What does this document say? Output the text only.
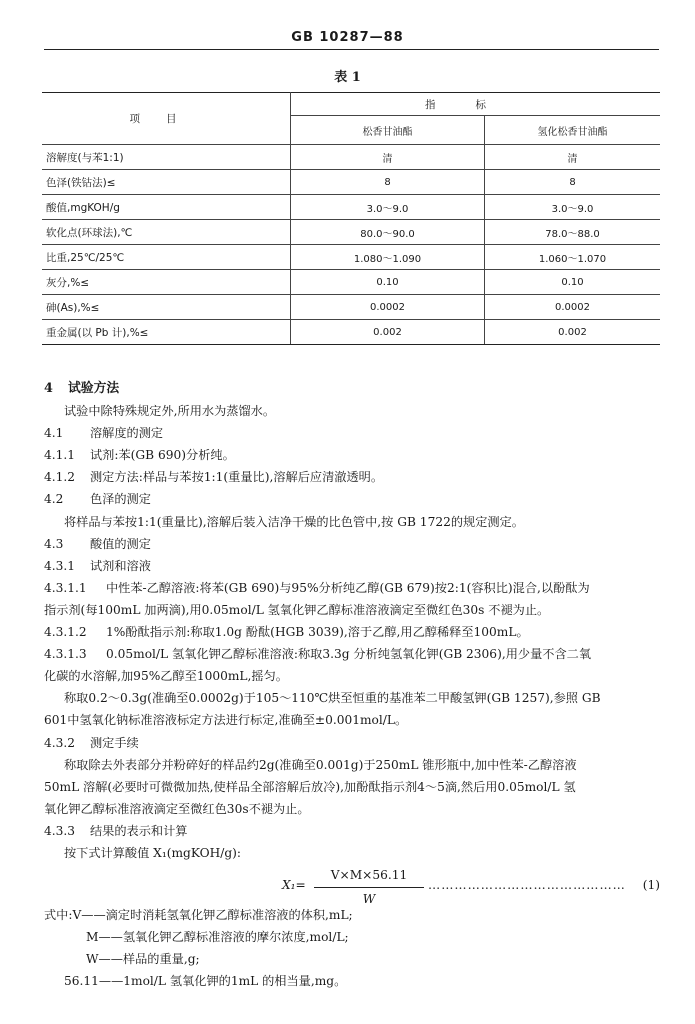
GB 10287—88
表 1
项目	指标	
	松香甘油酯	氢化松香甘油酯
溶解度(与苯1:1)	清	清
色泽(铁钴法)≤	8	8
酸值,mgKOH/g	3.0～9.0	3.0～9.0
软化点(环球法),℃	80.0～90.0	78.0～88.0
比重,25℃/25℃	1.080～1.090	1.060～1.070
灰分,%≤	0.10	0.10
砷(As),%≤	0.0002	0.0002
重金属(以 Pb 计),%≤	0.002	0.002
4 试验方法
试验中除特殊规定外,所用水为蒸馏水。
4.1 溶解度的测定
4.1.1 试剂:苯(GB 690)分析纯。
4.1.2 测定方法:样品与苯按1:1(重量比),溶解后应清澈透明。
4.2 色泽的测定
将样品与苯按1:1(重量比),溶解后装入洁净干燥的比色管中,按 GB 1722的规定测定。
4.3 酸值的测定
4.3.1 试剂和溶液
4.3.1.1 中性苯-乙醇溶液:将苯(GB 690)与95%分析纯乙醇(GB 679)按2:1(容积比)混合,以酚酞为
指示剂(每100mL 加两滴),用0.05mol/L 氢氧化钾乙醇标准溶液滴定至微红色30s 不褪为止。
4.3.1.2 1%酚酞指示剂:称取1.0g 酚酞(HGB 3039),溶于乙醇,用乙醇稀释至100mL。
4.3.1.3 0.05mol/L 氢氧化钾乙醇标准溶液:称取3.3g 分析纯氢氧化钾(GB 2306),用少量不含二氧
化碳的水溶解,加95%乙醇至1000mL,摇匀。
称取0.2～0.3g(准确至0.0002g)于105～110℃烘至恒重的基准苯二甲酸氢钾(GB 1257),参照 GB
601中氢氧化钠标准溶液标定方法进行标定,准确至±0.001mol/L。
4.3.2 测定手续
称取除去外表部分并粉碎好的样品约2g(准确至0.001g)于250mL 锥形瓶中,加中性苯-乙醇溶液
50mL 溶解(必要时可微微加热,使样品全部溶解后放冷),加酚酞指示剂4～5滴,然后用0.05mol/L 氢
氧化钾乙醇标准溶液滴定至微红色30s不褪为止。
4.3.3 结果的表示和计算
按下式计算酸值 X₁(mgKOH/g):
$X_1= \frac{V\times M\times 56.11}{W}$ ……………………………………… (1)
式中:V——滴定时消耗氢氧化钾乙醇标准溶液的体积,mL;
M——氢氧化钾乙醇标准溶液的摩尔浓度,mol/L;
W——样品的重量,g;
56.11——1mol/L 氢氧化钾的1mL 的相当量,mg。
